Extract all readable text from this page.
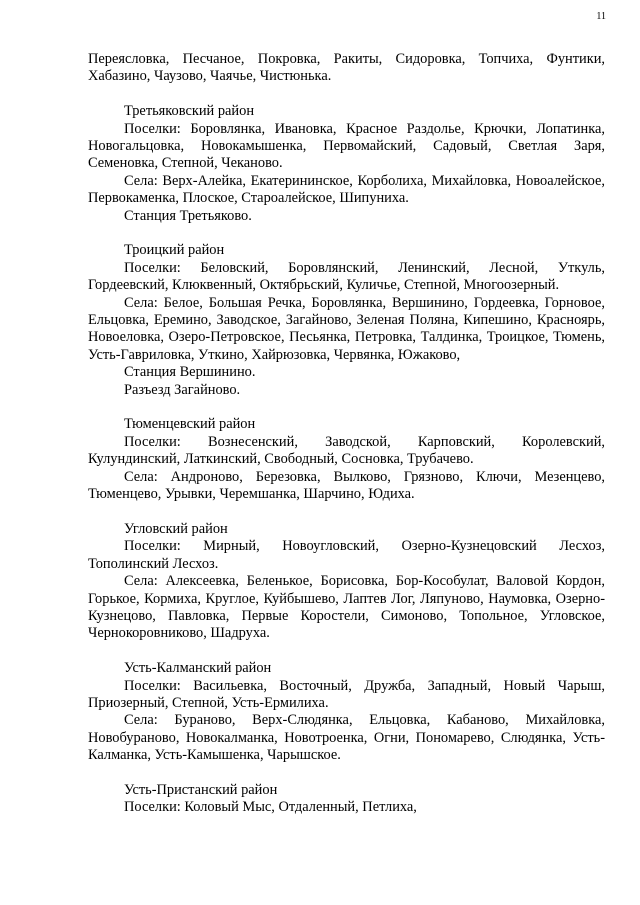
11

Переясловка, Песчаное, Покровка, Ракиты, Сидоровка, Топчиха, Фунтики, Хабазино, Чаузово, Чаячье, Чистюнька.

Третьяковский район

Поселки: Боровлянка, Ивановка, Красное Раздолье, Крючки, Лопатинка, Новогальцовка, Новокамышенка, Первомайский, Садовый, Светлая Заря, Семеновка, Степной, Чеканово.

Села: Верх-Алейка, Екатерининское, Корболиха, Михайловка, Новоалейское, Первокаменка, Плоское, Староалейское, Шипуниха.

Станция Третьяково.

Троицкий район

Поселки: Беловский, Боровлянский, Ленинский, Лесной, Уткуль, Гордеевский, Клюквенный, Октябрьский, Куличье, Степной, Многоозерный.

Села: Белое, Большая Речка, Боровлянка, Вершинино, Гордеевка, Горновое, Ельцовка, Еремино, Заводское, Загайново, Зеленая Поляна, Кипешино, Красноярь, Новоеловка, Озеро-Петровское, Песьянка, Петровка, Талдинка, Троицкое, Тюмень, Усть-Гавриловка, Уткино, Хайрюзовка, Червянка, Южаково,

Станция Вершинино.

Разъезд Загайново.

Тюменцевский район

Поселки: Вознесенский, Заводской, Карповский, Королевский, Кулундинский, Латкинский, Свободный, Сосновка, Трубачево.

Села: Андроново, Березовка, Вылково, Грязново, Ключи, Мезенцево, Тюменцево, Урывки, Черемшанка, Шарчино, Юдиха.

Угловский район

Поселки: Мирный, Новоугловский, Озерно-Кузнецовский Лесхоз, Тополинский Лесхоз.

Села: Алексеевка, Беленькое, Борисовка, Бор-Кособулат, Валовой Кордон, Горькое, Кормиха, Круглое, Куйбышево, Лаптев Лог, Ляпуново, Наумовка, Озерно-Кузнецово, Павловка, Первые Коростели, Симоново, Топольное, Угловское, Чернокоровниково, Шадруха.

Усть-Калманский район

Поселки: Васильевка, Восточный, Дружба, Западный, Новый Чарыш, Приозерный, Степной, Усть-Ермилиха.

Села: Бураново, Верх-Слюдянка, Ельцовка, Кабаново, Михайловка, Новобураново, Новокалманка, Новотроенка, Огни, Пономарево, Слюдянка, Усть-Калманка, Усть-Камышенка, Чарышское.

Усть-Пристанский район

Поселки: Коловый Мыс, Отдаленный, Петлиха,
